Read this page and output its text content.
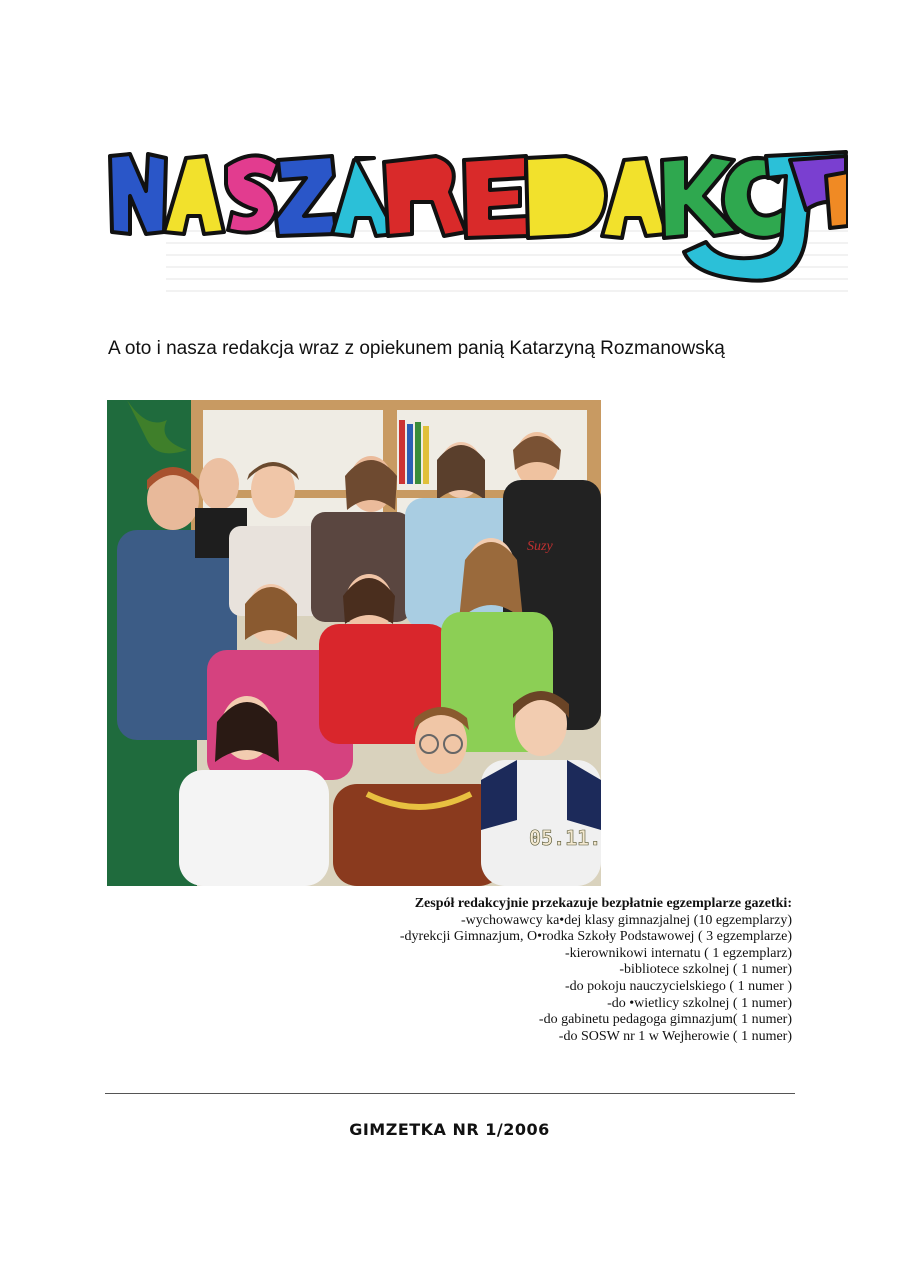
A oto i nasza redakcja wraz z opiekunem panią Katarzyną Rozmanowską
Suzy
05.11.
Zespół redakcyjnie przekazuje bezpłatnie egzemplarze gazetki:
-wychowawcy ka•dej klasy gimnazjalnej (10 egzemplarzy)
-dyrekcji Gimnazjum, O•rodka Szkoły Podstawowej ( 3 egzemplarze)
-kierownikowi internatu ( 1 egzemplarz)
-bibliotece szkolnej ( 1 numer)
-do pokoju nauczycielskiego ( 1 numer )
-do •wietlicy szkolnej ( 1 numer)
-do gabinetu pedagoga gimnazjum( 1 numer)
-do SOSW nr 1 w Wejherowie ( 1 numer)
GIMZETKA NR 1/2006
